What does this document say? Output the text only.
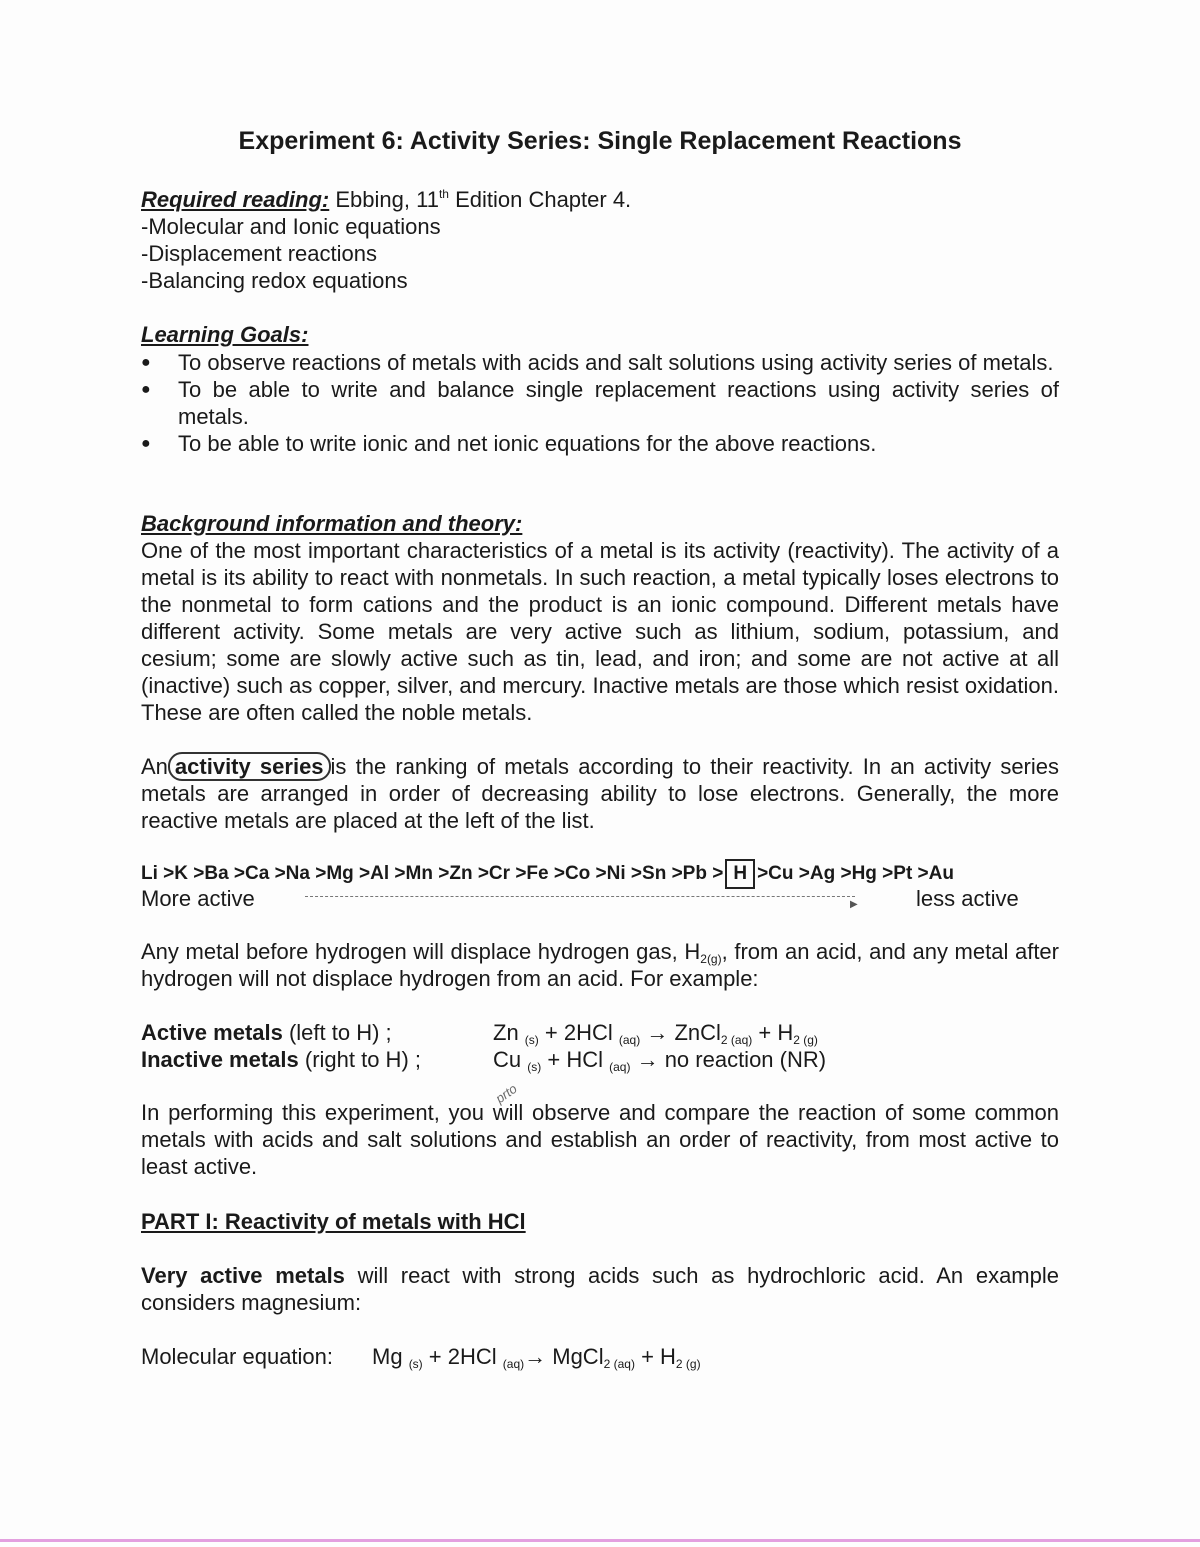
Experiment 6: Activity Series: Single Replacement Reactions
Required reading: Ebbing, 11th Edition Chapter 4.
-Molecular and Ionic equations
-Displacement reactions
-Balancing redox equations
Learning Goals:
● To observe reactions of metals with acids and salt solutions using activity series of metals.
● To be able to write and balance single replacement reactions using activity series of metals.
● To be able to write ionic and net ionic equations for the above reactions.
Background information and theory:
One of the most important characteristics of a metal is its activity (reactivity). The activity of a metal is its ability to react with nonmetals. In such reaction, a metal typically loses electrons to the nonmetal to form cations and the product is an ionic compound. Different metals have different activity. Some metals are very active such as lithium, sodium, potassium, and cesium; some are slowly active such as tin, lead, and iron; and some are not active at all (inactive) such as copper, silver, and mercury. Inactive metals are those which resist oxidation. These are often called the noble metals.
An activity series is the ranking of metals according to their reactivity. In an activity series metals are arranged in order of decreasing ability to lose electrons. Generally, the more reactive metals are placed at the left of the list.
Li >K >Ba >Ca >Na >Mg >Al >Mn >Zn >Cr >Fe >Co >Ni >Sn >Pb > H >Cu >Ag >Hg >Pt >Au
More active	▶	less active
Any metal before hydrogen will displace hydrogen gas, $H_{2(g)}$, from an acid, and any metal after hydrogen will not displace hydrogen from an acid. For example:
Active metals (left to H) ;	Zn $_{(s)}$ + 2HCl $_{(aq)}$ → ZnCl$_{2 (aq)}$ + $H_{2 (g)}$
Inactive metals (right to H) ;	Cu $_{(s)}$ + HCl $_{(aq)}$ → no reaction (NR)
prto
In performing this experiment, you will observe and compare the reaction of some common metals with acids and salt solutions and establish an order of reactivity, from most active to least active.
PART I: Reactivity of metals with HCl
Very active metals will react with strong acids such as hydrochloric acid. An example considers magnesium:
Molecular equation: Mg $_{(s)}$ + 2HCl $_{(aq)}$→ MgCl$_{2 (aq)}$ + $H_{2 (g)}$
